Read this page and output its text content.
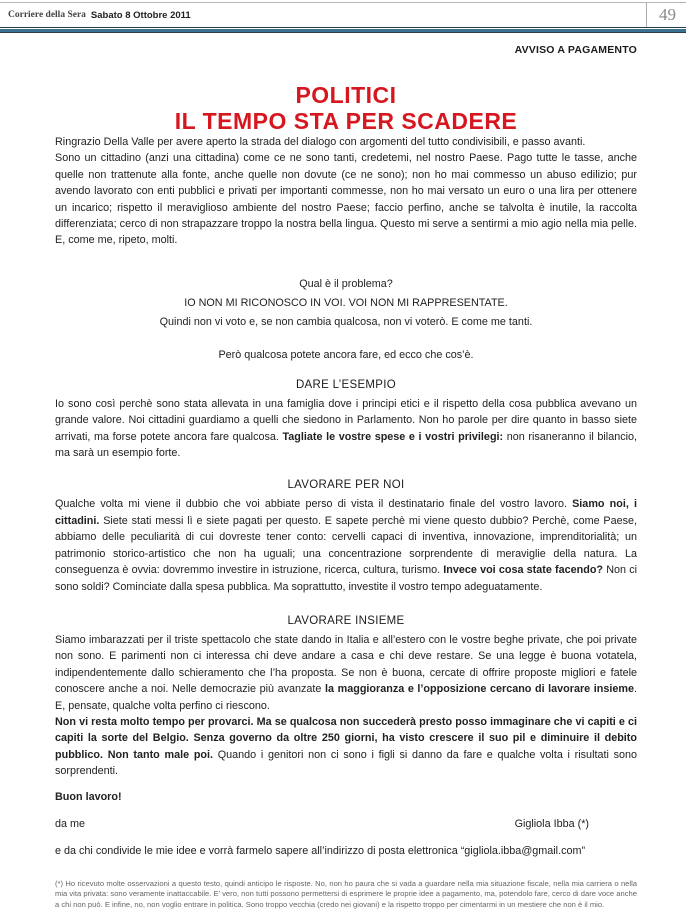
Corriere della Sera Sabato 8 Ottobre 2011	49
AVVISO A PAGAMENTO
POLITICI
IL TEMPO STA PER SCADERE

Ringrazio Della Valle per avere aperto la strada del dialogo con argomenti del tutto condivisibili, e passo avanti.

Sono un cittadino (anzi una cittadina) come ce ne sono tanti, credetemi, nel nostro Paese. Pago tutte le tasse, anche quelle non trattenute alla fonte, anche quelle non dovute (ce ne sono); non ho mai commesso un abuso edilizio; pur avendo lavorato con enti pubblici e privati per importanti commesse, non ho mai versato un euro o una lira per ottenere un incarico; rispetto il meraviglioso ambiente del nostro Paese; faccio perfino, anche se talvolta è inutile, la raccolta differenziata; cerco di non strapazzare troppo la nostra bella lingua. Questo mi serve a sentirmi a mio agio nella mia pelle. E, come me, ripeto, molti.

Qual è il problema?
IO NON MI RICONOSCO IN VOI. VOI NON MI RAPPRESENTATE.
Quindi non vi voto e, se non cambia qualcosa, non vi voterò. E come me tanti.
Però qualcosa potete ancora fare, ed ecco che cos’è.
DARE L’ESEMPIO

Io sono così perchè sono stata allevata in una famiglia dove i principi etici e il rispetto della cosa pubblica avevano un grande valore. Noi cittadini guardiamo a quelli che siedono in Parlamento. Non ho parole per dire quanto in basso siete arrivati, ma forse potete ancora fare qualcosa. Tagliate le vostre spese e i vostri privilegi: non risaneranno il bilancio, ma sarà un esempio forte.

LAVORARE PER NOI

Qualche volta mi viene il dubbio che voi abbiate perso di vista il destinatario finale del vostro lavoro. Siamo noi, i cittadini. Siete stati messi lì e siete pagati per questo. E sapete perchè mi viene questo dubbio? Perchè, come Paese, abbiamo delle peculiarità di cui dovreste tener conto: cervelli capaci di inventiva, innovazione, imprenditorialità; un patrimonio storico-artistico che non ha uguali; una concentrazione sorprendente di meraviglie della natura. La conseguenza è ovvia: dovremmo investire in istruzione, ricerca, cultura, turismo. Invece voi cosa state facendo? Non ci sono soldi? Cominciate dalla spesa pubblica. Ma soprattutto, investite il vostro tempo adeguatamente.

LAVORARE INSIEME

Siamo imbarazzati per il triste spettacolo che state dando in Italia e all’estero con le vostre beghe private, che poi private non sono. E parimenti non ci interessa chi deve andare a casa e chi deve restare. Se una legge è buona votatela, indipendentemente dallo schieramento che l’ha proposta. Se non è buona, cercate di offrire proposte migliori e fatele conoscere anche a noi. Nelle democrazie più avanzate la maggioranza e l’opposizione cercano di lavorare insieme. E, pensate, qualche volta perfino ci riescono.

Non vi resta molto tempo per provarci. Ma se qualcosa non succederà presto posso immaginare che vi capiti e ci capiti la sorte del Belgio. Senza governo da oltre 250 giorni, ha visto crescere il suo pil e diminuire il debito pubblico. Non tanto male poi. Quando i genitori non ci sono i figli si danno da fare e qualche volta i risultati sono sorprendenti.

Buon lavoro!
da me	Gigliola Ibba (*)
e da chi condivide le mie idee e vorrà farmelo sapere all’indirizzo di posta elettronica “gigliola.ibba@gmail.com”
(*) Ho ricevuto molte osservazioni a questo testo, quindi anticipo le risposte. No, non ho paura che si vada a guardare nella mia situazione fiscale, nella mia carriera o nella mia vita privata: sono veramente inattaccabile. E’ vero, non tutti possono permettersi di esprimere le proprie idee a pagamento, ma, potendolo fare, cerco di dare voce anche a chi non può. E infine, no, non voglio entrare in politica. Sono troppo vecchia (credo nei giovani) e la rispetto troppo per cimentarmi in un mestiere che non è il mio.
